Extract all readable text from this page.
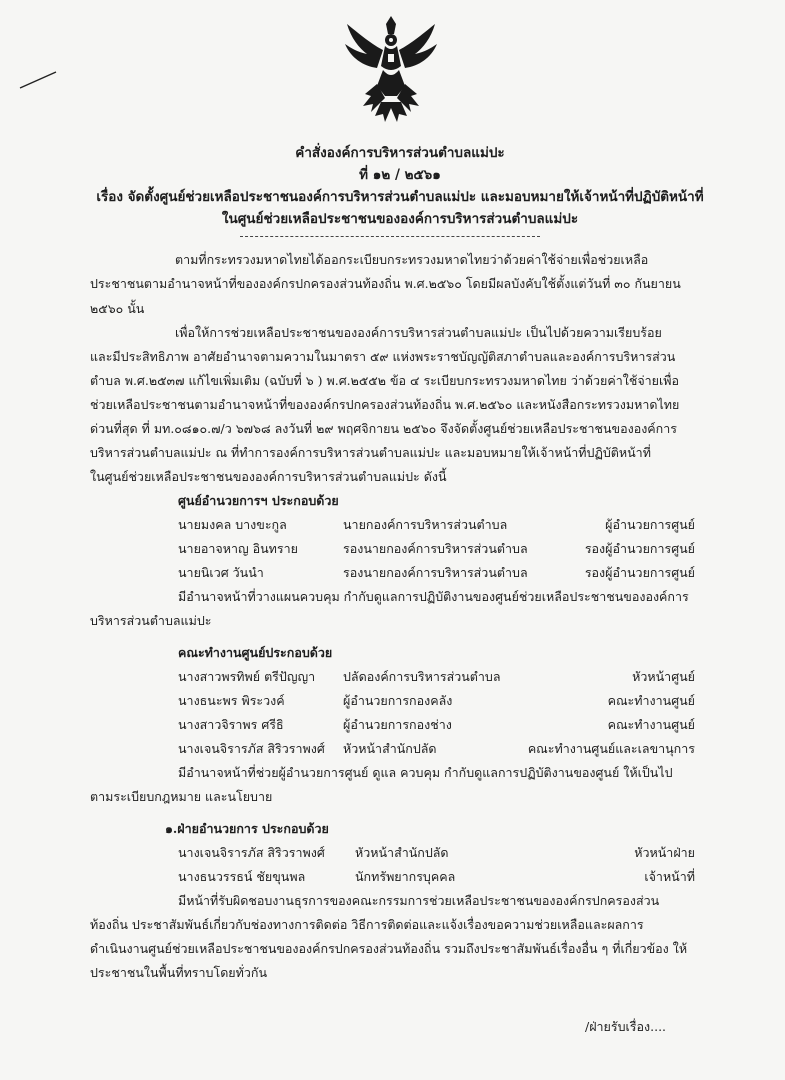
คำสั่งองค์การบริหารส่วนตำบลแม่ปะ
ที่ ๑๒ / ๒๕๖๑
เรื่อง จัดตั้งศูนย์ช่วยเหลือประชาชนองค์การบริหารส่วนตำบลแม่ปะ และมอบหมายให้เจ้าหน้าที่ปฏิบัติหน้าที่
ในศูนย์ช่วยเหลือประชาชนขององค์การบริหารส่วนตำบลแม่ปะ
ตามที่กระทรวงมหาดไทยได้ออกระเบียบกระทรวงมหาดไทยว่าด้วยค่าใช้จ่ายเพื่อช่วยเหลือ
ประชาชนตามอำนาจหน้าที่ขององค์กรปกครองส่วนท้องถิ่น พ.ศ.๒๕๖๐ โดยมีผลบังคับใช้ตั้งแต่วันที่ ๓๐ กันยายน
๒๕๖๐ นั้น
เพื่อให้การช่วยเหลือประชาชนขององค์การบริหารส่วนตำบลแม่ปะ เป็นไปด้วยความเรียบร้อย
และมีประสิทธิภาพ อาศัยอำนาจตามความในมาตรา ๕๙ แห่งพระราชบัญญัติสภาตำบลและองค์การบริหารส่วน
ตำบล พ.ศ.๒๕๓๗ แก้ไขเพิ่มเติม (ฉบับที่ ๖ ) พ.ศ.๒๕๕๒ ข้อ ๔ ระเบียบกระทรวงมหาดไทย ว่าด้วยค่าใช้จ่ายเพื่อ
ช่วยเหลือประชาชนตามอำนาจหน้าที่ขององค์กรปกครองส่วนท้องถิ่น พ.ศ.๒๕๖๐ และหนังสือกระทรวงมหาดไทย
ด่วนที่สุด ที่ มท.๐๘๑๐.๗/ว ๖๗๖๘ ลงวันที่ ๒๙ พฤศจิกายน ๒๕๖๐ จึงจัดตั้งศูนย์ช่วยเหลือประชาชนขององค์การ
บริหารส่วนตำบลแม่ปะ ณ ที่ทำการองค์การบริหารส่วนตำบลแม่ปะ และมอบหมายให้เจ้าหน้าที่ปฏิบัติหน้าที่
ในศูนย์ช่วยเหลือประชาชนขององค์การบริหารส่วนตำบลแม่ปะ ดังนี้
ศูนย์อำนวยการฯ ประกอบด้วย
นายมงคล บางขะกูล	นายกองค์การบริหารส่วนตำบล	ผู้อำนวยการศูนย์
นายอาจหาญ อินทราย	รองนายกองค์การบริหารส่วนตำบล	รองผู้อำนวยการศูนย์
นายนิเวศ วันนำ	รองนายกองค์การบริหารส่วนตำบล	รองผู้อำนวยการศูนย์
มีอำนาจหน้าที่วางแผนควบคุม กำกับดูแลการปฏิบัติงานของศูนย์ช่วยเหลือประชาชนขององค์การ
บริหารส่วนตำบลแม่ปะ
คณะทำงานศูนย์ประกอบด้วย
นางสาวพรทิพย์ ตรีปัญญา ปลัดองค์การบริหารส่วนตำบล	หัวหน้าศูนย์
นางธนะพร พิระวงค์	ผู้อำนวยการกองคลัง	คณะทำงานศูนย์
นางสาวจิราพร ศรีธิ	ผู้อำนวยการกองช่าง	คณะทำงานศูนย์
นางเจนจิรารภัส สิริวราพงศ์ หัวหน้าสำนักปลัด	คณะทำงานศูนย์และเลขานุการ
มีอำนาจหน้าที่ช่วยผู้อำนวยการศูนย์ ดูแล ควบคุม กำกับดูแลการปฏิบัติงานของศูนย์ ให้เป็นไป
ตามระเบียบกฎหมาย และนโยบาย
๑.ฝ่ายอำนวยการ ประกอบด้วย
นางเจนจิรารภัส สิริวราพงศ์ หัวหน้าสำนักปลัด	หัวหน้าฝ่าย
นางธนวรรธน์ ชัยขุนพล	นักทรัพยากรบุคคล	เจ้าหน้าที่
มีหน้าที่รับผิดชอบงานธุรการของคณะกรรมการช่วยเหลือประชาชนขององค์กรปกครองส่วน
ท้องถิ่น ประชาสัมพันธ์เกี่ยวกับช่องทางการติดต่อ วิธีการติดต่อและแจ้งเรื่องขอความช่วยเหลือและผลการ
ดำเนินงานศูนย์ช่วยเหลือประชาชนขององค์กรปกครองส่วนท้องถิ่น รวมถึงประชาสัมพันธ์เรื่องอื่น ๆ ที่เกี่ยวข้อง ให้
ประชาชนในพื้นที่ทราบโดยทั่วกัน
/ฝ่ายรับเรื่อง....
